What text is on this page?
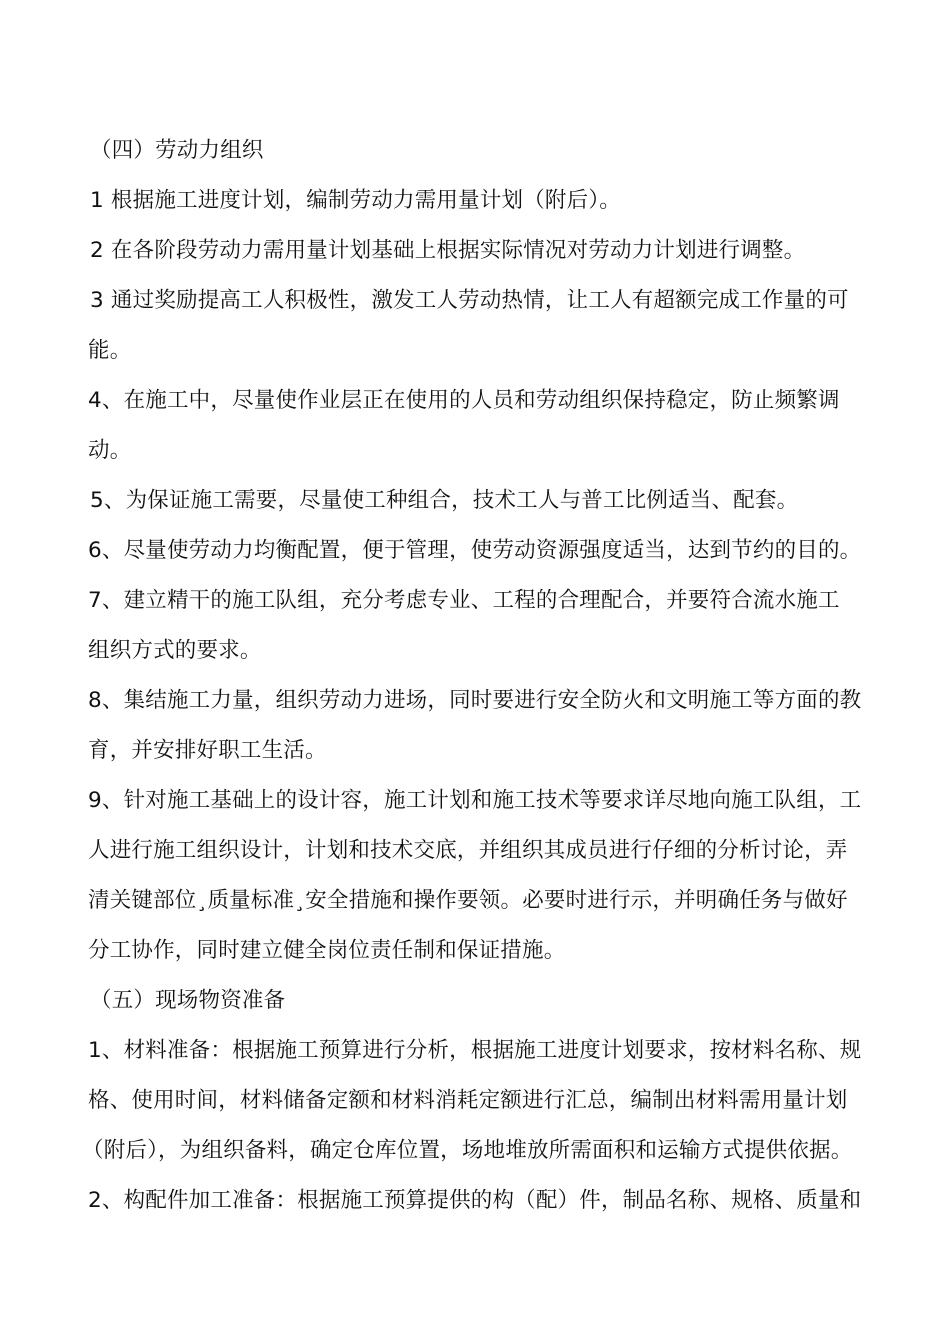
（四）劳动力组织
1 根据施工进度计划，编制劳动力需用量计划（附后）。
2 在各阶段劳动力需用量计划基础上根据实际情况对劳动力计划进行调整。
3 通过奖励提高工人积极性，激发工人劳动热情，让工人有超额完成工作量的可
能。
4、在施工中，尽量使作业层正在使用的人员和劳动组织保持稳定，防止频繁调
动。
5、为保证施工需要，尽量使工种组合，技术工人与普工比例适当、配套。
6、尽量使劳动力均衡配置，便于管理，使劳动资源强度适当，达到节约的目的。
7、建立精干的施工队组，充分考虑专业、工程的合理配合，并要符合流水施工
组织方式的要求。
8、集结施工力量，组织劳动力进场，同时要进行安全防火和文明施工等方面的教
育，并安排好职工生活。
9、针对施工基础上的设计容，施工计划和施工技术等要求详尽地向施工队组，工
人进行施工组织设计，计划和技术交底，并组织其成员进行仔细的分析讨论，弄
清关键部位¸质量标准¸安全措施和操作要领。必要时进行示，并明确任务与做好
分工协作，同时建立健全岗位责任制和保证措施。
（五）现场物资准备
1、材料准备：根据施工预算进行分析，根据施工进度计划要求，按材料名称、规
格、使用时间，材料储备定额和材料消耗定额进行汇总，编制出材料需用量计划
（附后），为组织备料，确定仓库位置，场地堆放所需面积和运输方式提供依据。
2、构配件加工准备：根据施工预算提供的构（配）件，制品名称、规格、质量和
